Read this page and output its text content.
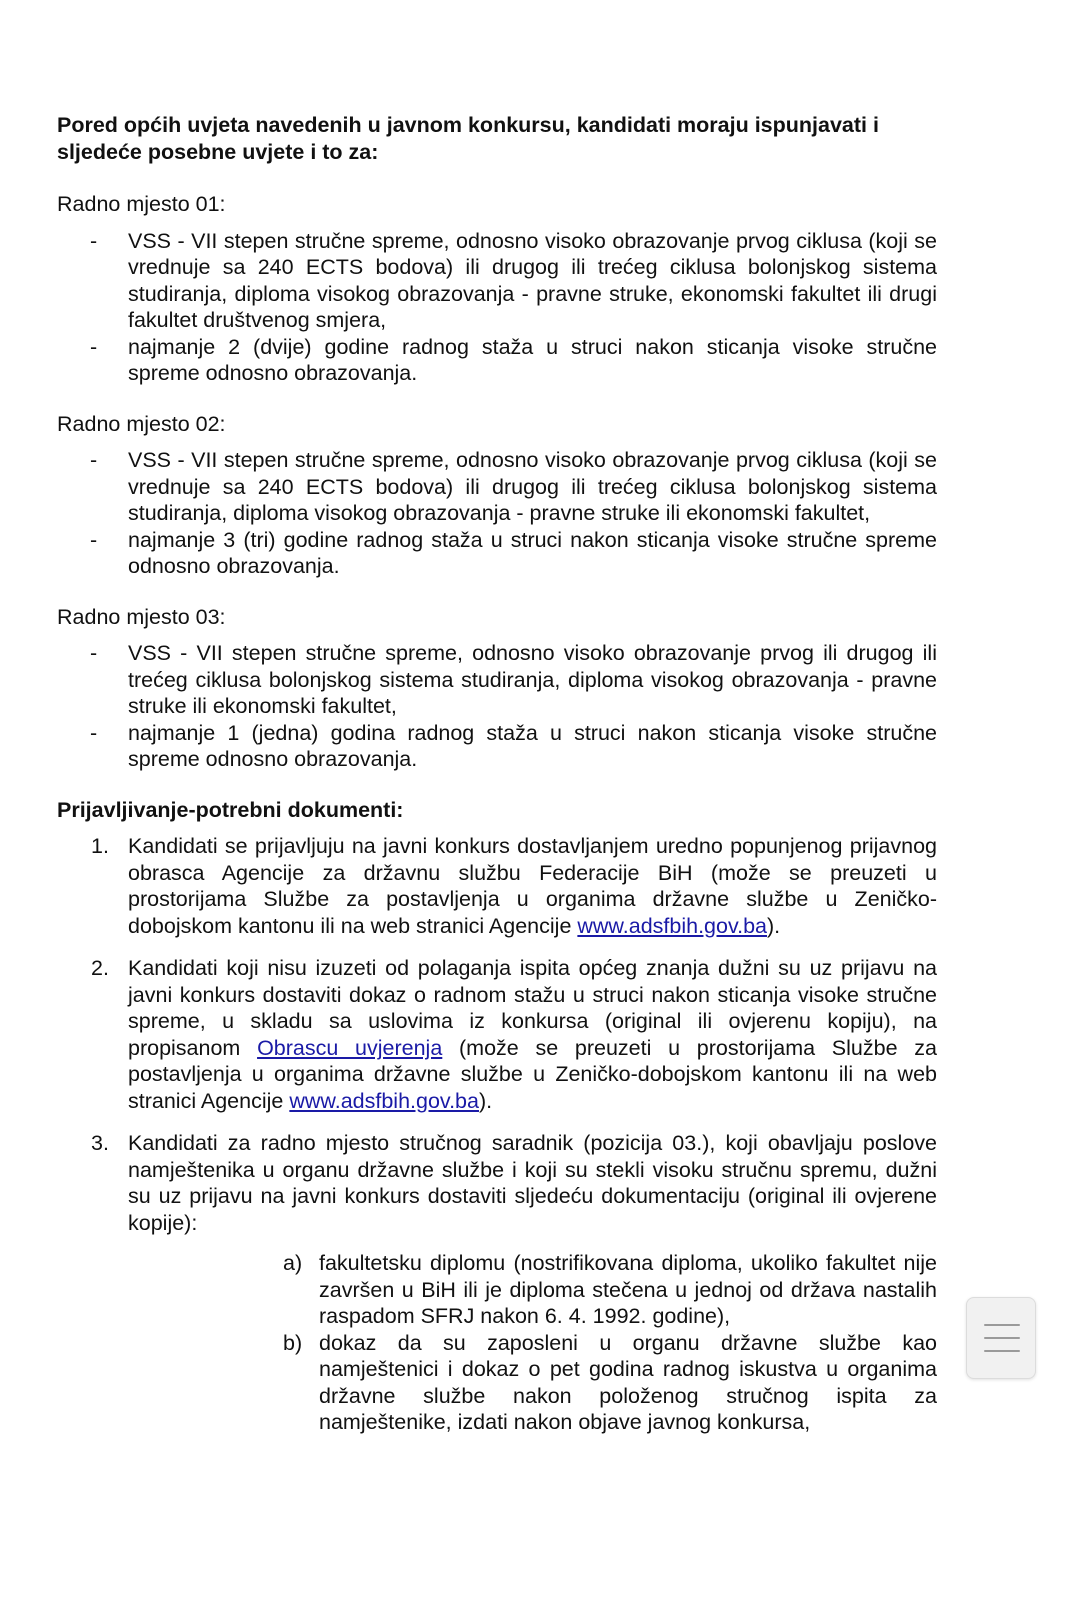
Pored općih uvjeta navedenih u javnom konkursu, kandidati moraju ispunjavati i sljedeće posebne uvjete i to za:

Radno mjesto 01:

- VSS - VII stepen stručne spreme, odnosno visoko obrazovanje prvog ciklusa (koji se vrednuje sa 240 ECTS bodova) ili drugog ili trećeg ciklusa bolonjskog sistema studiranja, diploma visokog obrazovanja - pravne struke, ekonomski fakultet ili drugi fakultet društvenog smjera,
- najmanje 2 (dvije) godine radnog staža u struci nakon sticanja visoke stručne spreme odnosno obrazovanja.

Radno mjesto 02:

- VSS - VII stepen stručne spreme, odnosno visoko obrazovanje prvog ciklusa (koji se vrednuje sa 240 ECTS bodova) ili drugog ili trećeg ciklusa bolonjskog sistema studiranja, diploma visokog obrazovanja - pravne struke ili ekonomski fakultet,
- najmanje 3 (tri) godine radnog staža u struci nakon sticanja visoke stručne spreme odnosno obrazovanja.

Radno mjesto 03:

- VSS - VII stepen stručne spreme, odnosno visoko obrazovanje prvog ili drugog ili trećeg ciklusa bolonjskog sistema studiranja, diploma visokog obrazovanja - pravne struke ili ekonomski fakultet,
- najmanje 1 (jedna) godina radnog staža u struci nakon sticanja visoke stručne spreme odnosno obrazovanja.

Prijavljivanje-potrebni dokumenti:

1. Kandidati se prijavljuju na javni konkurs dostavljanjem uredno popunjenog prijavnog obrasca Agencije za državnu službu Federacije BiH (može se preuzeti u prostorijama Službe za postavljenja u organima državne službe u Zeničko-dobojskom kantonu ili na web stranici Agencije www.adsfbih.gov.ba).
2. Kandidati koji nisu izuzeti od polaganja ispita općeg znanja dužni su uz prijavu na javni konkurs dostaviti dokaz o radnom stažu u struci nakon sticanja visoke stručne spreme, u skladu sa uslovima iz konkursa (original ili ovjerenu kopiju), na propisanom Obrascu uvjerenja (može se preuzeti u prostorijama Službe za postavljenja u organima državne službe u Zeničko-dobojskom kantonu ili na web stranici Agencije www.adsfbih.gov.ba).
3. Kandidati za radno mjesto stručnog saradnik (pozicija 03.), koji obavljaju poslove namještenika u organu državne službe i koji su stekli visoku stručnu spremu, dužni su uz prijavu na javni konkurs dostaviti sljedeću dokumentaciju (original ili ovjerene kopije):
a) fakultetsku diplomu (nostrifikovana diploma, ukoliko fakultet nije završen u BiH ili je diploma stečena u jednoj od država nastalih raspadom SFRJ nakon 6. 4. 1992. godine),
b) dokaz da su zaposleni u organu državne službe kao namještenici i dokaz o pet godina radnog iskustva u organima državne službe nakon položenog stručnog ispita za namještenike, izdati nakon objave javnog konkursa,
